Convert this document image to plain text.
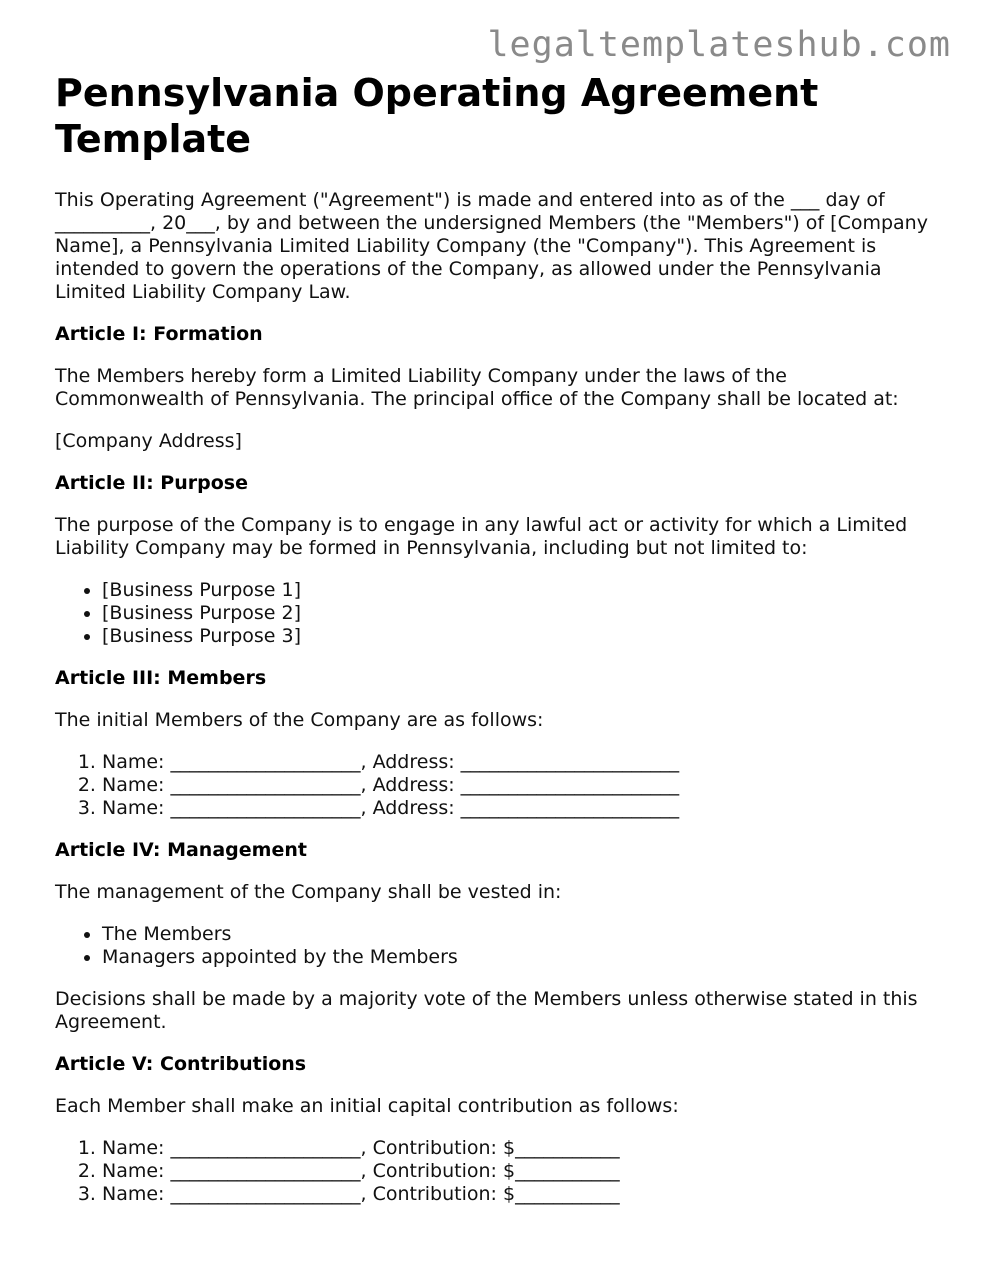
legaltemplateshub.com
Pennsylvania Operating Agreement Template

This Operating Agreement ("Agreement") is made and entered into as of the ___ day of __________, 20___, by and between the undersigned Members (the "Members") of [Company Name], a Pennsylvania Limited Liability Company (the "Company"). This Agreement is intended to govern the operations of the Company, as allowed under the Pennsylvania Limited Liability Company Law.

Article I: Formation

The Members hereby form a Limited Liability Company under the laws of the Commonwealth of Pennsylvania. The principal office of the Company shall be located at:

[Company Address]

Article II: Purpose

The purpose of the Company is to engage in any lawful act or activity for which a Limited Liability Company may be formed in Pennsylvania, including but not limited to:

• [Business Purpose 1]
• [Business Purpose 2]
• [Business Purpose 3]
Article III: Members

The initial Members of the Company are as follows:

1. Name: ____________________, Address: _______________________
2. Name: ____________________, Address: _______________________
3. Name: ____________________, Address: _______________________
Article IV: Management

The management of the Company shall be vested in:

• The Members
• Managers appointed by the Members

Decisions shall be made by a majority vote of the Members unless otherwise stated in this Agreement.

Article V: Contributions

Each Member shall make an initial capital contribution as follows:

1. Name: ____________________, Contribution: $___________
2. Name: ____________________, Contribution: $___________
3. Name: ____________________, Contribution: $___________
